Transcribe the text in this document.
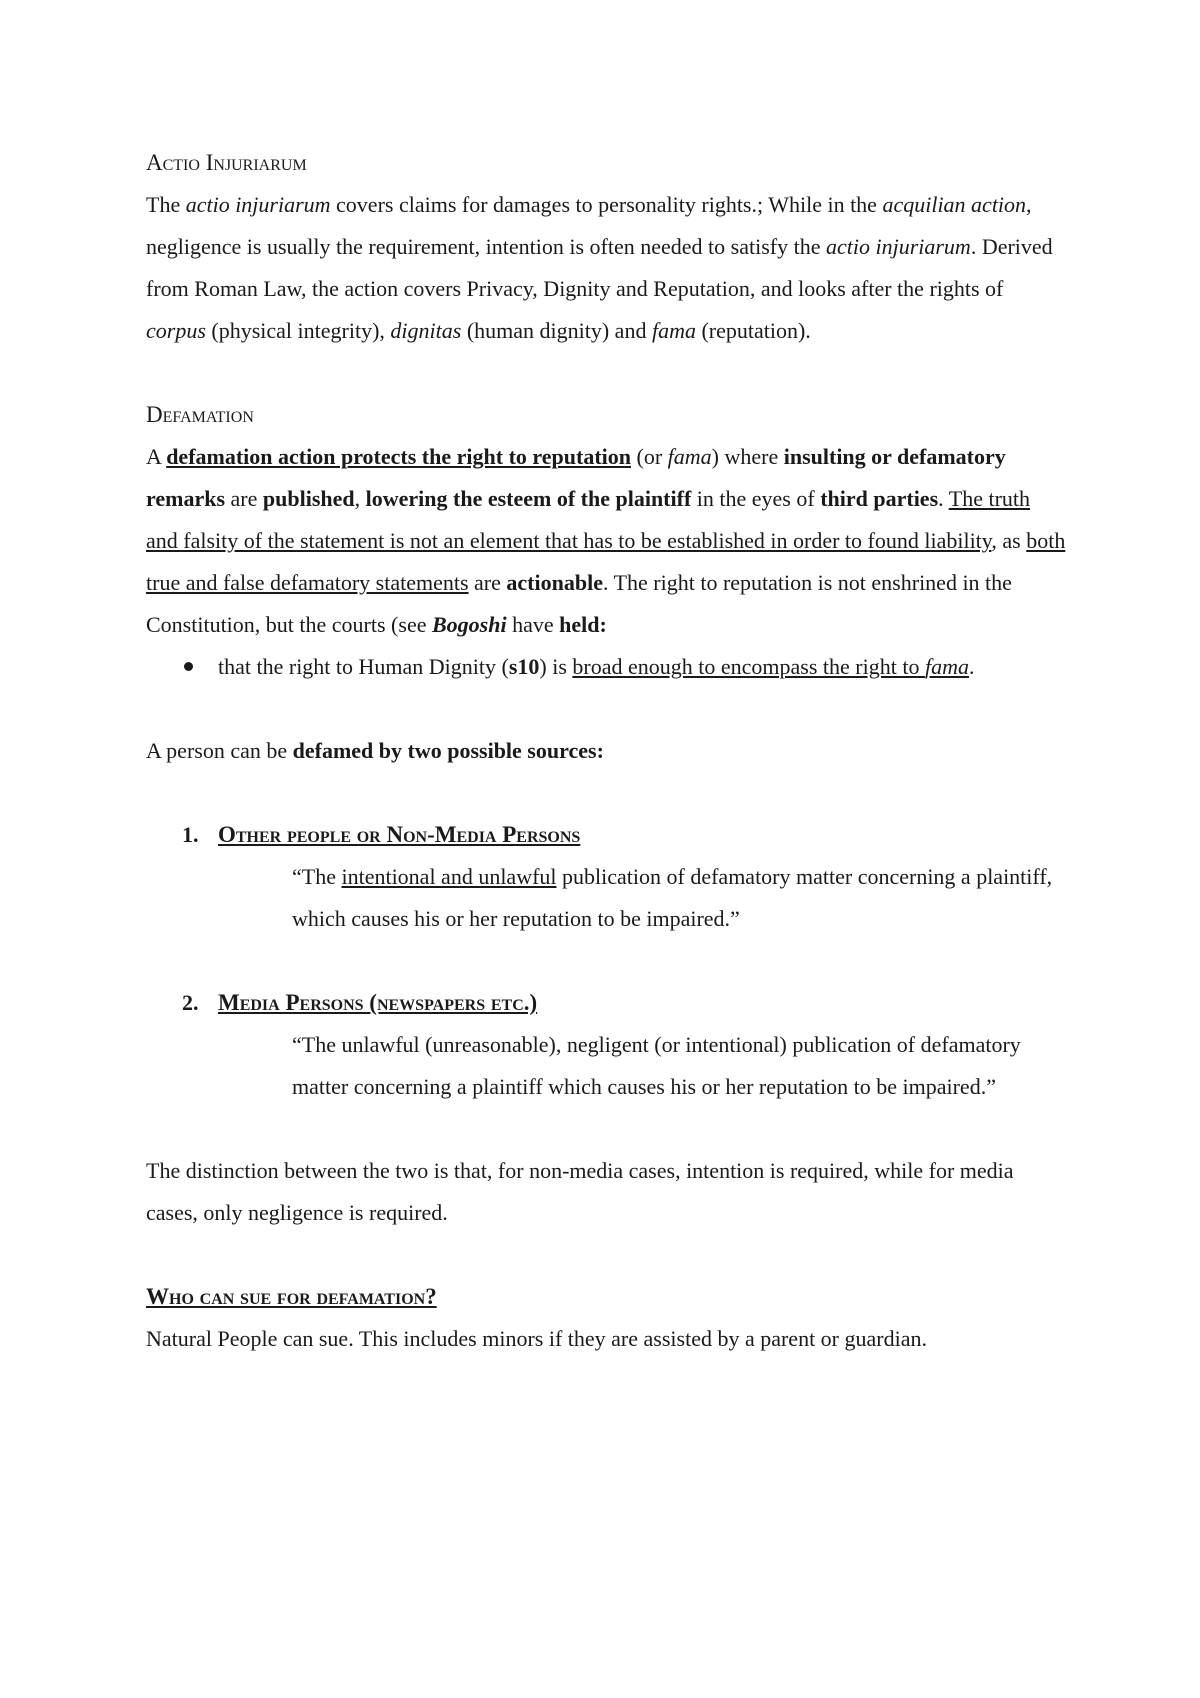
Actio Injuriarum

The actio injuriarum covers claims for damages to personality rights.; While in the acquilian action, negligence is usually the requirement, intention is often needed to satisfy the actio injuriarum. Derived from Roman Law, the action covers Privacy, Dignity and Reputation, and looks after the rights of corpus (physical integrity), dignitas (human dignity) and fama (reputation).

Defamation

A defamation action protects the right to reputation (or fama) where insulting or defamatory remarks are published, lowering the esteem of the plaintiff in the eyes of third parties. The truth and falsity of the statement is not an element that has to be established in order to found liability, as both true and false defamatory statements are actionable. The right to reputation is not enshrined in the Constitution, but the courts (see Bogoshi have held:

that the right to Human Dignity (s10) is broad enough to encompass the right to fama.

A person can be defamed by two possible sources:

1. Other people or Non-Media Persons

“The intentional and unlawful publication of defamatory matter concerning a plaintiff, which causes his or her reputation to be impaired.”

2. Media Persons (newspapers etc.)

“The unlawful (unreasonable), negligent (or intentional) publication of defamatory matter concerning a plaintiff which causes his or her reputation to be impaired.”

The distinction between the two is that, for non-media cases, intention is required, while for media cases, only negligence is required.

Who can sue for defamation?

Natural People can sue. This includes minors if they are assisted by a parent or guardian.
